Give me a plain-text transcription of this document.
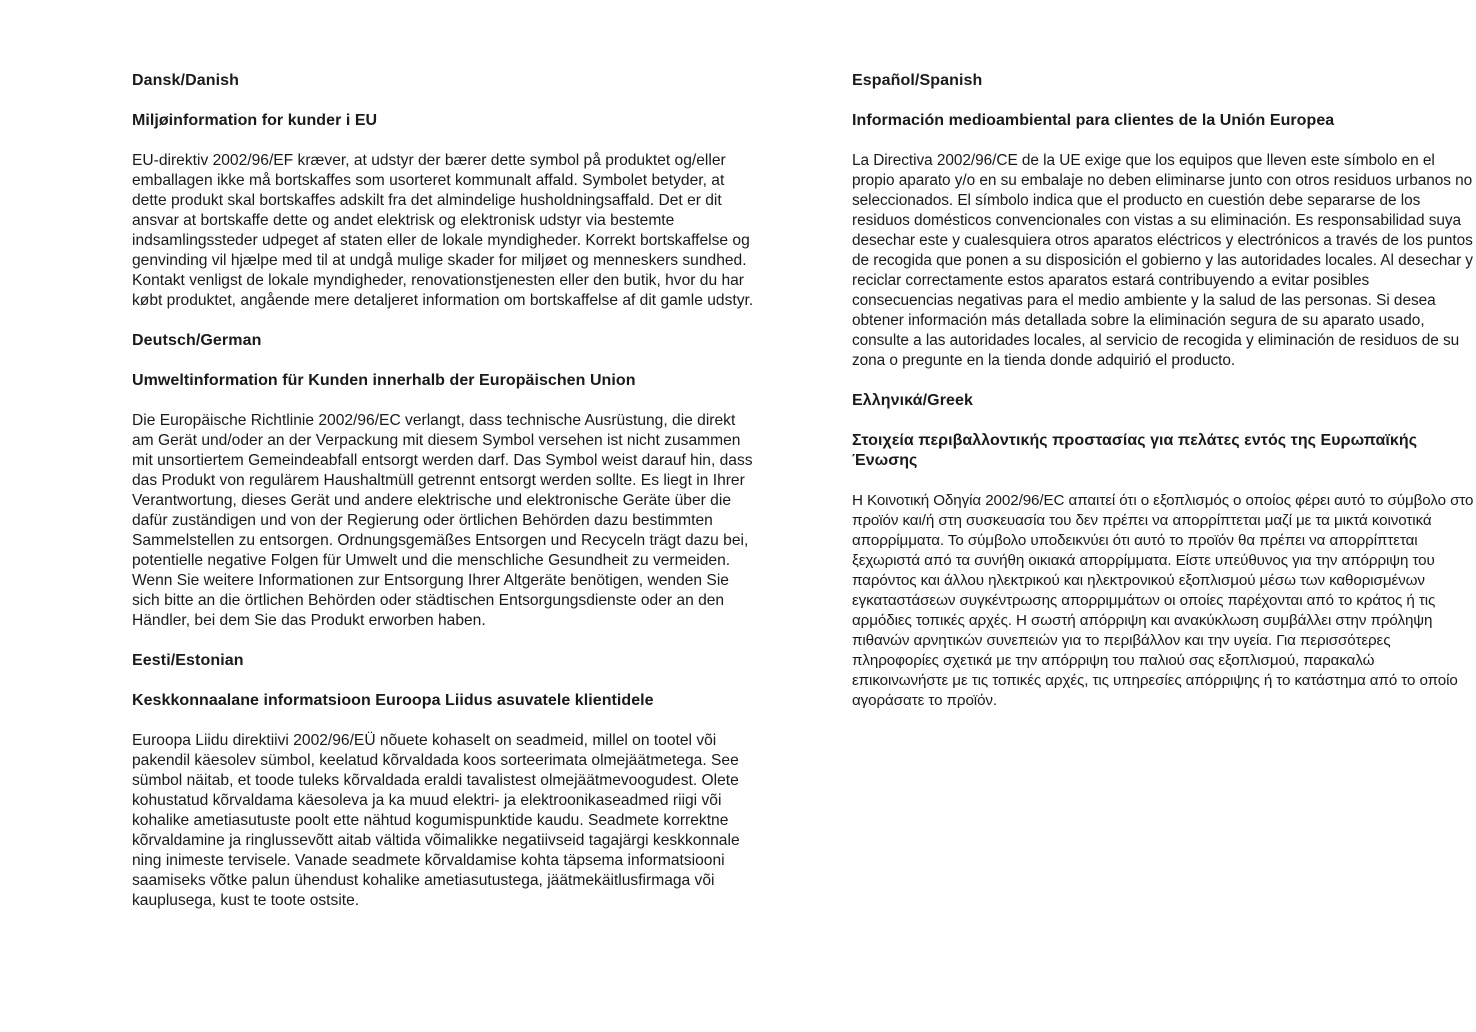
Dansk/Danish
Miljøinformation for kunder i EU

EU-direktiv 2002/96/EF kræver, at udstyr der bærer dette symbol på produktet og/eller emballagen ikke må bortskaffes som usorteret kommunalt affald. Symbolet betyder, at dette produkt skal bortskaffes adskilt fra det almindelige husholdningsaffald. Det er dit ansvar at bortskaffe dette og andet elektrisk og elektronisk udstyr via bestemte indsamlingssteder udpeget af staten eller de lokale myndigheder. Korrekt bortskaffelse og genvinding vil hjælpe med til at undgå mulige skader for miljøet og menneskers sundhed. Kontakt venligst de lokale myndigheder, renovationstjenesten eller den butik, hvor du har købt produktet, angående mere detaljeret information om bortskaffelse af dit gamle udstyr.

Deutsch/German
Umweltinformation für Kunden innerhalb der Europäischen Union

Die Europäische Richtlinie 2002/96/EC verlangt, dass technische Ausrüstung, die direkt am Gerät und/oder an der Verpackung mit diesem Symbol versehen ist nicht zusammen mit unsortiertem Gemeindeabfall entsorgt werden darf. Das Symbol weist darauf hin, dass das Produkt von regulärem Haushaltmüll getrennt entsorgt werden sollte. Es liegt in Ihrer Verantwortung, dieses Gerät und andere elektrische und elektronische Geräte über die dafür zuständigen und von der Regierung oder örtlichen Behörden dazu bestimmten Sammelstellen zu entsorgen. Ordnungsgemäßes Entsorgen und Recyceln trägt dazu bei, potentielle negative Folgen für Umwelt und die menschliche Gesundheit zu vermeiden. Wenn Sie weitere Informationen zur Entsorgung Ihrer Altgeräte benötigen, wenden Sie sich bitte an die örtlichen Behörden oder städtischen Entsorgungsdienste oder an den Händler, bei dem Sie das Produkt erworben haben.

Eesti/Estonian
Keskkonnaalane informatsioon Euroopa Liidus asuvatele klientidele

Euroopa Liidu direktiivi 2002/96/EÜ nõuete kohaselt on seadmeid, millel on tootel või pakendil käesolev sümbol, keelatud kõrvaldada koos sorteerimata olmejäätmetega. See sümbol näitab, et toode tuleks kõrvaldada eraldi tavalistest olmejäätmevoogudest. Olete kohustatud kõrvaldama käesoleva ja ka muud elektri- ja elektroonikaseadmed riigi või kohalike ametiasutuste poolt ette nähtud kogumispunktide kaudu. Seadmete korrektne kõrvaldamine ja ringlussevõtt aitab vältida võimalikke negatiivseid tagajärgi keskkonnale ning inimeste tervisele. Vanade seadmete kõrvaldamise kohta täpsema informatsiooni saamiseks võtke palun ühendust kohalike ametiasutustega, jäätmekäitlusfirmaga või kauplusega, kust te toote ostsite.

Español/Spanish
Información medioambiental para clientes de la Unión Europea

La Directiva 2002/96/CE de la UE exige que los equipos que lleven este símbolo en el propio aparato y/o en su embalaje no deben eliminarse junto con otros residuos urbanos no seleccionados. El símbolo indica que el producto en cuestión debe separarse de los residuos domésticos convencionales con vistas a su eliminación. Es responsabilidad suya desechar este y cualesquiera otros aparatos eléctricos y electrónicos a través de los puntos de recogida que ponen a su disposición el gobierno y las autoridades locales. Al desechar y reciclar correctamente estos aparatos estará contribuyendo a evitar posibles consecuencias negativas para el medio ambiente y la salud de las personas. Si desea obtener información más detallada sobre la eliminación segura de su aparato usado, consulte a las autoridades locales, al servicio de recogida y eliminación de residuos de su zona o pregunte en la tienda donde adquirió el producto.

Ελληνικά/Greek
Στοιχεία περιβαλλοντικής προστασίας για πελάτες εντός της Ευρωπαϊκής Ένωσης

Η Κοινοτική Οδηγία 2002/96/EC απαιτεί ότι ο εξοπλισμός ο οποίος φέρει αυτό το σύμβολο στο προϊόν και/ή στη συσκευασία του δεν πρέπει να απορρίπτεται μαζί με τα μικτά κοινοτικά απορρίμματα. Το σύμβολο υποδεικνύει ότι αυτό το προϊόν θα πρέπει να απορρίπτεται ξεχωριστά από τα συνήθη οικιακά απορρίμματα. Είστε υπεύθυνος για την απόρριψη του παρόντος και άλλου ηλεκτρικού και ηλεκτρονικού εξοπλισμού μέσω των καθορισμένων εγκαταστάσεων συγκέντρωσης απορριμμάτων οι οποίες παρέχονται από το κράτος ή τις αρμόδιες τοπικές αρχές. Η σωστή απόρριψη και ανακύκλωση συμβάλλει στην πρόληψη πιθανών αρνητικών συνεπειών για το περιβάλλον και την υγεία. Για περισσότερες πληροφορίες σχετικά με την απόρριψη του παλιού σας εξοπλισμού, παρακαλώ επικοινωνήστε με τις τοπικές αρχές, τις υπηρεσίες απόρριψης ή το κατάστημα από το οποίο αγοράσατε το προϊόν.
